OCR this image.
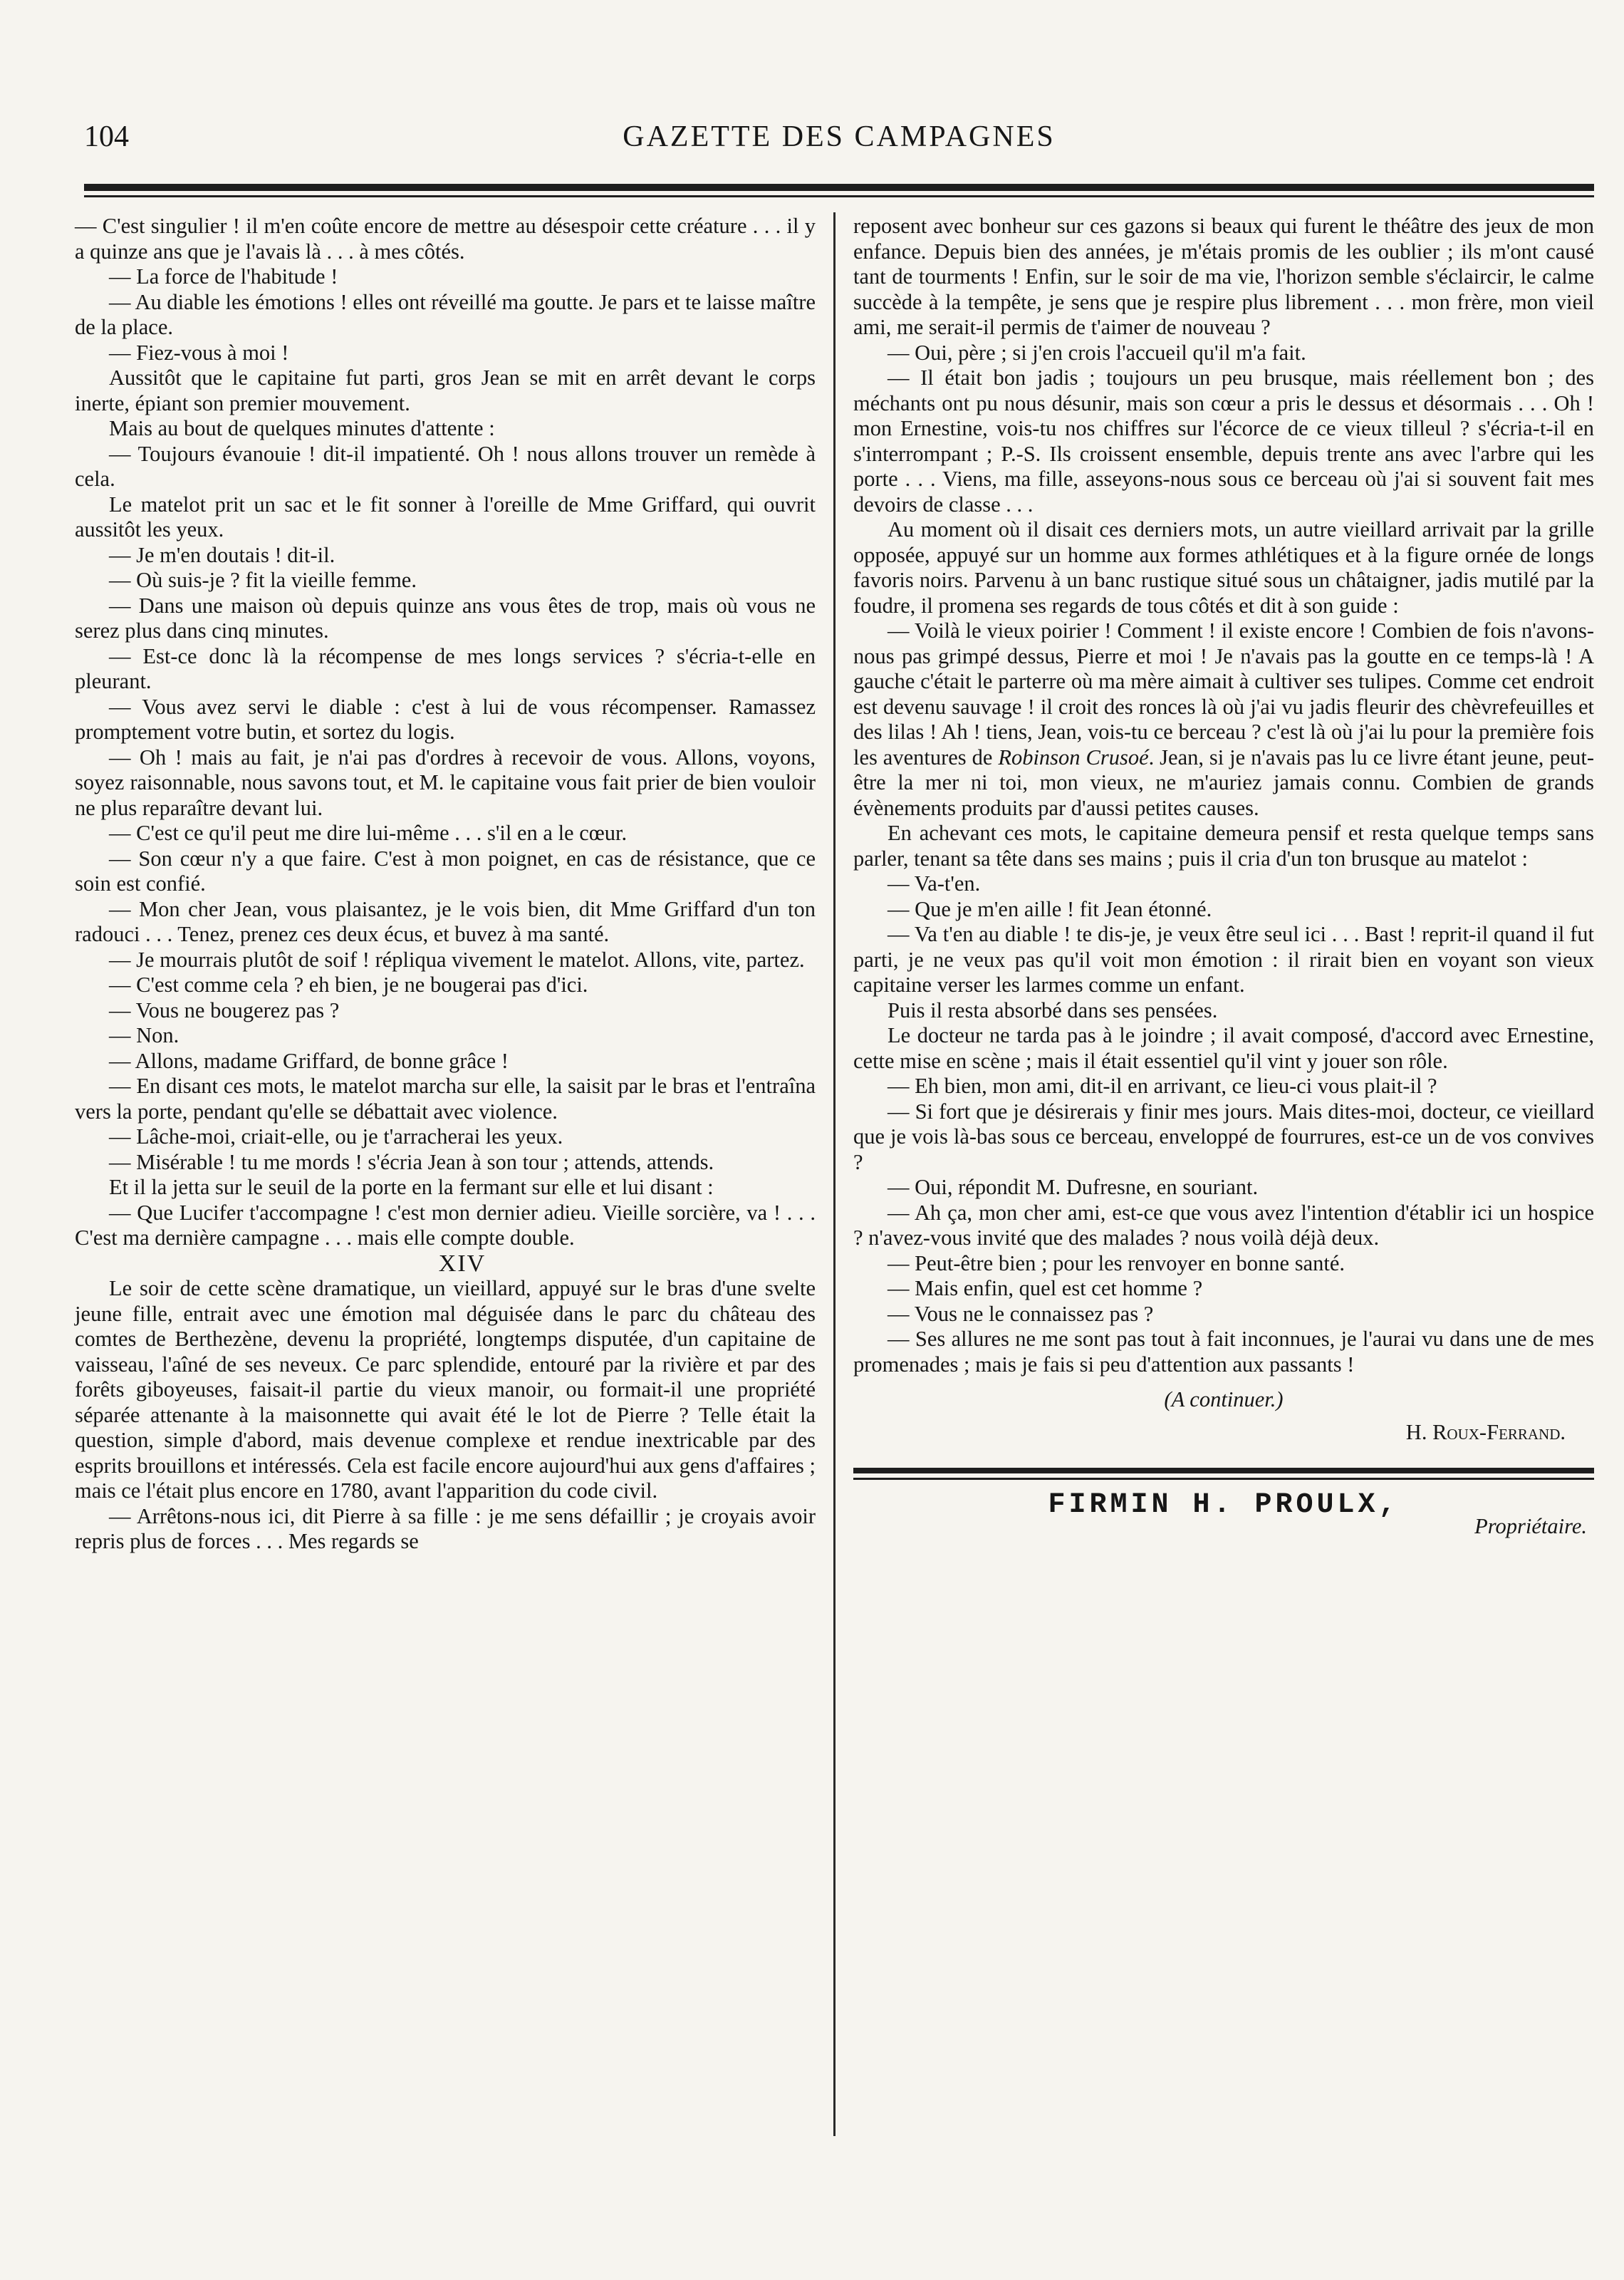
104	GAZETTE DES CAMPAGNES

— C'est singulier ! il m'en coûte encore de mettre au désespoir cette créature . . . il y a quinze ans que je l'avais là . . . à mes côtés.

— La force de l'habitude !

— Au diable les émotions ! elles ont réveillé ma goutte. Je pars et te laisse maître de la place.

— Fiez-vous à moi !

Aussitôt que le capitaine fut parti, gros Jean se mit en arrêt devant le corps inerte, épiant son premier mouvement.

Mais au bout de quelques minutes d'attente :

— Toujours évanouie ! dit-il impatienté. Oh ! nous allons trouver un remède à cela.

Le matelot prit un sac et le fit sonner à l'oreille de Mme Griffard, qui ouvrit aussitôt les yeux.

— Je m'en doutais ! dit-il.

— Où suis-je ? fit la vieille femme.

— Dans une maison où depuis quinze ans vous êtes de trop, mais où vous ne serez plus dans cinq minutes.

— Est-ce donc là la récompense de mes longs services ? s'écria-t-elle en pleurant.

— Vous avez servi le diable : c'est à lui de vous récompenser. Ramassez promptement votre butin, et sortez du logis.

— Oh ! mais au fait, je n'ai pas d'ordres à recevoir de vous. Allons, voyons, soyez raisonnable, nous savons tout, et M. le capitaine vous fait prier de bien vouloir ne plus reparaître devant lui.

— C'est ce qu'il peut me dire lui-même . . . s'il en a le cœur.

— Son cœur n'y a que faire. C'est à mon poignet, en cas de résistance, que ce soin est confié.

— Mon cher Jean, vous plaisantez, je le vois bien, dit Mme Griffard d'un ton radouci . . . Tenez, prenez ces deux écus, et buvez à ma santé.

— Je mourrais plutôt de soif ! répliqua vivement le matelot. Allons, vite, partez.

— C'est comme cela ? eh bien, je ne bougerai pas d'ici.

— Vous ne bougerez pas ?

— Non.

— Allons, madame Griffard, de bonne grâce !

— En disant ces mots, le matelot marcha sur elle, la saisit par le bras et l'entraîna vers la porte, pendant qu'elle se débattait avec violence.

— Lâche-moi, criait-elle, ou je t'arracherai les yeux.

— Misérable ! tu me mords ! s'écria Jean à son tour ; attends, attends.

Et il la jetta sur le seuil de la porte en la fermant sur elle et lui disant :

— Que Lucifer t'accompagne ! c'est mon dernier adieu. Vieille sorcière, va ! . . . C'est ma dernière campagne . . . mais elle compte double.

XIV

Le soir de cette scène dramatique, un vieillard, appuyé sur le bras d'une svelte jeune fille, entrait avec une émotion mal déguisée dans le parc du château des comtes de Berthezène, devenu la propriété, longtemps disputée, d'un capitaine de vaisseau, l'aîné de ses neveux. Ce parc splendide, entouré par la rivière et par des forêts giboyeuses, faisait-il partie du vieux manoir, ou formait-il une propriété séparée attenante à la maisonnette qui avait été le lot de Pierre ? Telle était la question, simple d'abord, mais devenue complexe et rendue inextricable par des esprits brouillons et intéressés. Cela est facile encore aujourd'hui aux gens d'affaires ; mais ce l'était plus encore en 1780, avant l'apparition du code civil.

— Arrêtons-nous ici, dit Pierre à sa fille : je me sens défaillir ; je croyais avoir repris plus de forces . . . Mes regards se

reposent avec bonheur sur ces gazons si beaux qui furent le théâtre des jeux de mon enfance. Depuis bien des années, je m'étais promis de les oublier ; ils m'ont causé tant de tourments ! Enfin, sur le soir de ma vie, l'horizon semble s'éclaircir, le calme succède à la tempête, je sens que je respire plus librement . . . mon frère, mon vieil ami, me serait-il permis de t'aimer de nouveau ?

— Oui, père ; si j'en crois l'accueil qu'il m'a fait.

— Il était bon jadis ; toujours un peu brusque, mais réellement bon ; des méchants ont pu nous désunir, mais son cœur a pris le dessus et désormais . . . Oh ! mon Ernestine, vois-tu nos chiffres sur l'écorce de ce vieux tilleul ? s'écria-t-il en s'interrompant ; P.-S. Ils croissent ensemble, depuis trente ans avec l'arbre qui les porte . . . Viens, ma fille, asseyons-nous sous ce berceau où j'ai si souvent fait mes devoirs de classe . . .

Au moment où il disait ces derniers mots, un autre vieillard arrivait par la grille opposée, appuyé sur un homme aux formes athlétiques et à la figure ornée de longs favoris noirs. Parvenu à un banc rustique situé sous un châtaigner, jadis mutilé par la foudre, il promena ses regards de tous côtés et dit à son guide :

— Voilà le vieux poirier ! Comment ! il existe encore ! Combien de fois n'avons-nous pas grimpé dessus, Pierre et moi ! Je n'avais pas la goutte en ce temps-là ! A gauche c'était le parterre où ma mère aimait à cultiver ses tulipes. Comme cet endroit est devenu sauvage ! il croit des ronces là où j'ai vu jadis fleurir des chèvrefeuilles et des lilas ! Ah ! tiens, Jean, vois-tu ce berceau ? c'est là où j'ai lu pour la première fois les aventures de Robinson Crusoé. Jean, si je n'avais pas lu ce livre étant jeune, peut-être la mer ni toi, mon vieux, ne m'auriez jamais connu. Combien de grands évènements produits par d'aussi petites causes.

En achevant ces mots, le capitaine demeura pensif et resta quelque temps sans parler, tenant sa tête dans ses mains ; puis il cria d'un ton brusque au matelot :

— Va-t'en.

— Que je m'en aille ! fit Jean étonné.

— Va t'en au diable ! te dis-je, je veux être seul ici . . . Bast ! reprit-il quand il fut parti, je ne veux pas qu'il voit mon émotion : il rirait bien en voyant son vieux capitaine verser les larmes comme un enfant.

Puis il resta absorbé dans ses pensées.

Le docteur ne tarda pas à le joindre ; il avait composé, d'accord avec Ernestine, cette mise en scène ; mais il était essentiel qu'il vint y jouer son rôle.

— Eh bien, mon ami, dit-il en arrivant, ce lieu-ci vous plait-il ?

— Si fort que je désirerais y finir mes jours. Mais dites-moi, docteur, ce vieillard que je vois là-bas sous ce berceau, enveloppé de fourrures, est-ce un de vos convives ?

— Oui, répondit M. Dufresne, en souriant.

— Ah ça, mon cher ami, est-ce que vous avez l'intention d'établir ici un hospice ? n'avez-vous invité que des malades ? nous voilà déjà deux.

— Peut-être bien ; pour les renvoyer en bonne santé.

— Mais enfin, quel est cet homme ?

— Vous ne le connaissez pas ?

— Ses allures ne me sont pas tout à fait inconnues, je l'aurai vu dans une de mes promenades ; mais je fais si peu d'attention aux passants !

(A continuer.)
H. Roux-Ferrand.
FIRMIN H. PROULX,
Propriétaire.
